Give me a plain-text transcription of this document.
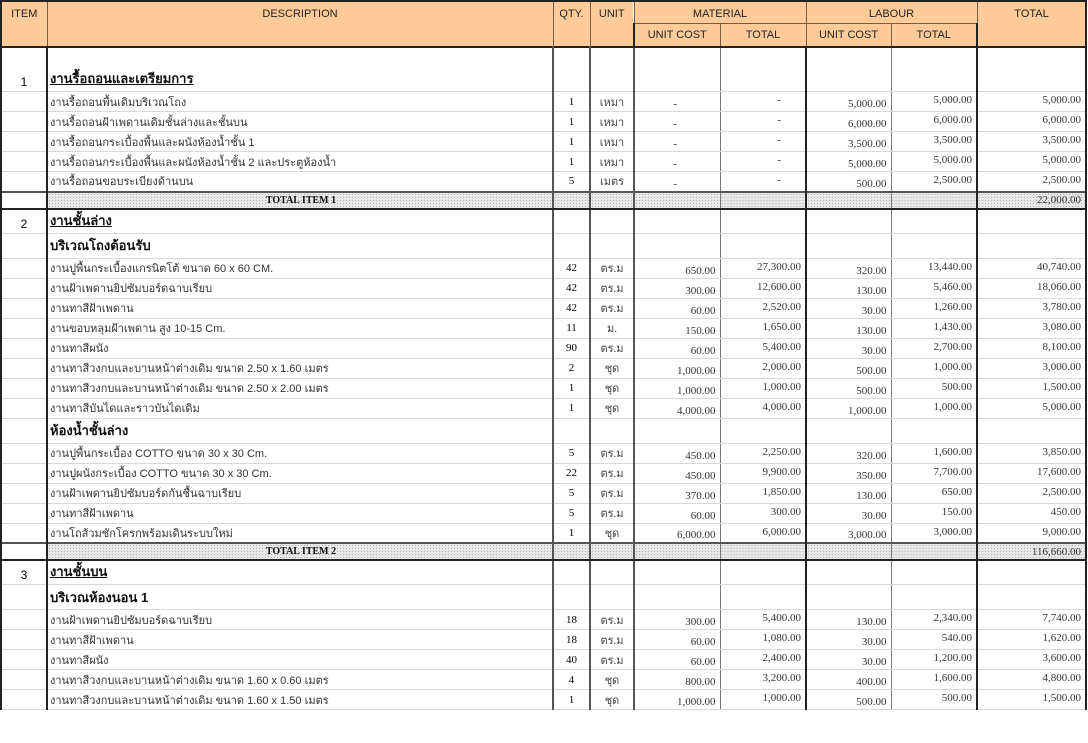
ITEM	DESCRIPTION	QTY.	UNIT	MATERIAL		LABOUR		TOTAL
				UNIT COST	TOTAL	UNIT COST	TOTAL	
1	งานรื้อถอนและเตรียมการ							
	งานรื้อถอนพื้นเดิมบริเวณโถง	1	เหมา	-	-	5,000.00	5,000.00	5,000.00
	งานรื้อถอนฝ้าเพดานเดิมชั้นล่างและชั้นบน	1	เหมา	-	-	6,000.00	6,000.00	6,000.00
	งานรื้อถอนกระเบื้องพื้นและผนังห้องน้ำชั้น 1	1	เหมา	-	-	3,500.00	3,500.00	3,500.00
	งานรื้อถอนกระเบื้องพื้นและผนังห้องน้ำชั้น 2 และประตูห้องน้ำ	1	เหมา	-	-	5,000.00	5,000.00	5,000.00
	งานรื้อถอนขอบระเบียงด้านบน	5	เมตร	-	-	500.00	2,500.00	2,500.00
	TOTAL ITEM 1							22,000.00
2	งานชั้นล่าง							
	บริเวณโถงต้อนรับ							
	งานปูพื้นกระเบื้องแกรนิตโต้ ขนาด 60 x 60 CM.	42	ตร.ม	650.00	27,300.00	320.00	13,440.00	40,740.00
	งานฝ้าเพดานยิปซัมบอร์ดฉาบเรียบ	42	ตร.ม	300.00	12,600.00	130.00	5,460.00	18,060.00
	งานทาสีฝ้าเพดาน	42	ตร.ม	60.00	2,520.00	30.00	1,260.00	3,780.00
	งานขอบหลุมฝ้าเพดาน สูง 10-15 Cm.	11	ม.	150.00	1,650.00	130.00	1,430.00	3,080.00
	งานทาสีผนัง	90	ตร.ม	60.00	5,400.00	30.00	2,700.00	8,100.00
	งานทาสีวงกบและบานหน้าต่างเดิม ขนาด 2.50 x 1.60 เมตร	2	ชุด	1,000.00	2,000.00	500.00	1,000.00	3,000.00
	งานทาสีวงกบและบานหน้าต่างเดิม ขนาด 2.50 x 2.00 เมตร	1	ชุด	1,000.00	1,000.00	500.00	500.00	1,500.00
	งานทาสีบันไดและราวบันไดเดิม	1	ชุด	4,000.00	4,000.00	1,000.00	1,000.00	5,000.00
	ห้องน้ำชั้นล่าง							
	งานปูพื้นกระเบื้อง COTTO ขนาด 30 x 30 Cm.	5	ตร.ม	450.00	2,250.00	320.00	1,600.00	3,850.00
	งานปูผนังกระเบื้อง COTTO ขนาด 30 x 30 Cm.	22	ตร.ม	450.00	9,900.00	350.00	7,700.00	17,600.00
	งานฝ้าเพดานยิปซัมบอร์ดกันชื้นฉาบเรียบ	5	ตร.ม	370.00	1,850.00	130.00	650.00	2,500.00
	งานทาสีฝ้าเพดาน	5	ตร.ม	60.00	300.00	30.00	150.00	450.00
	งานโถส้วมชักโครกพร้อมเดินระบบใหม่	1	ชุด	6,000.00	6,000.00	3,000.00	3,000.00	9,000.00
	TOTAL ITEM 2							116,660.00
3	งานชั้นบน							
	บริเวณห้องนอน 1							
	งานฝ้าเพดานยิปซัมบอร์ดฉาบเรียบ	18	ตร.ม	300.00	5,400.00	130.00	2,340.00	7,740.00
	งานทาสีฝ้าเพดาน	18	ตร.ม	60.00	1,080.00	30.00	540.00	1,620.00
	งานทาสีผนัง	40	ตร.ม	60.00	2,400.00	30.00	1,200.00	3,600.00
	งานทาสีวงกบและบานหน้าต่างเดิม ขนาด 1.60 x 0.60 เมตร	4	ชุด	800.00	3,200.00	400.00	1,600.00	4,800.00
	งานทาสีวงกบและบานหน้าต่างเดิม ขนาด 1.60 x 1.50 เมตร	1	ชุด	1,000.00	1,000.00	500.00	500.00	1,500.00
